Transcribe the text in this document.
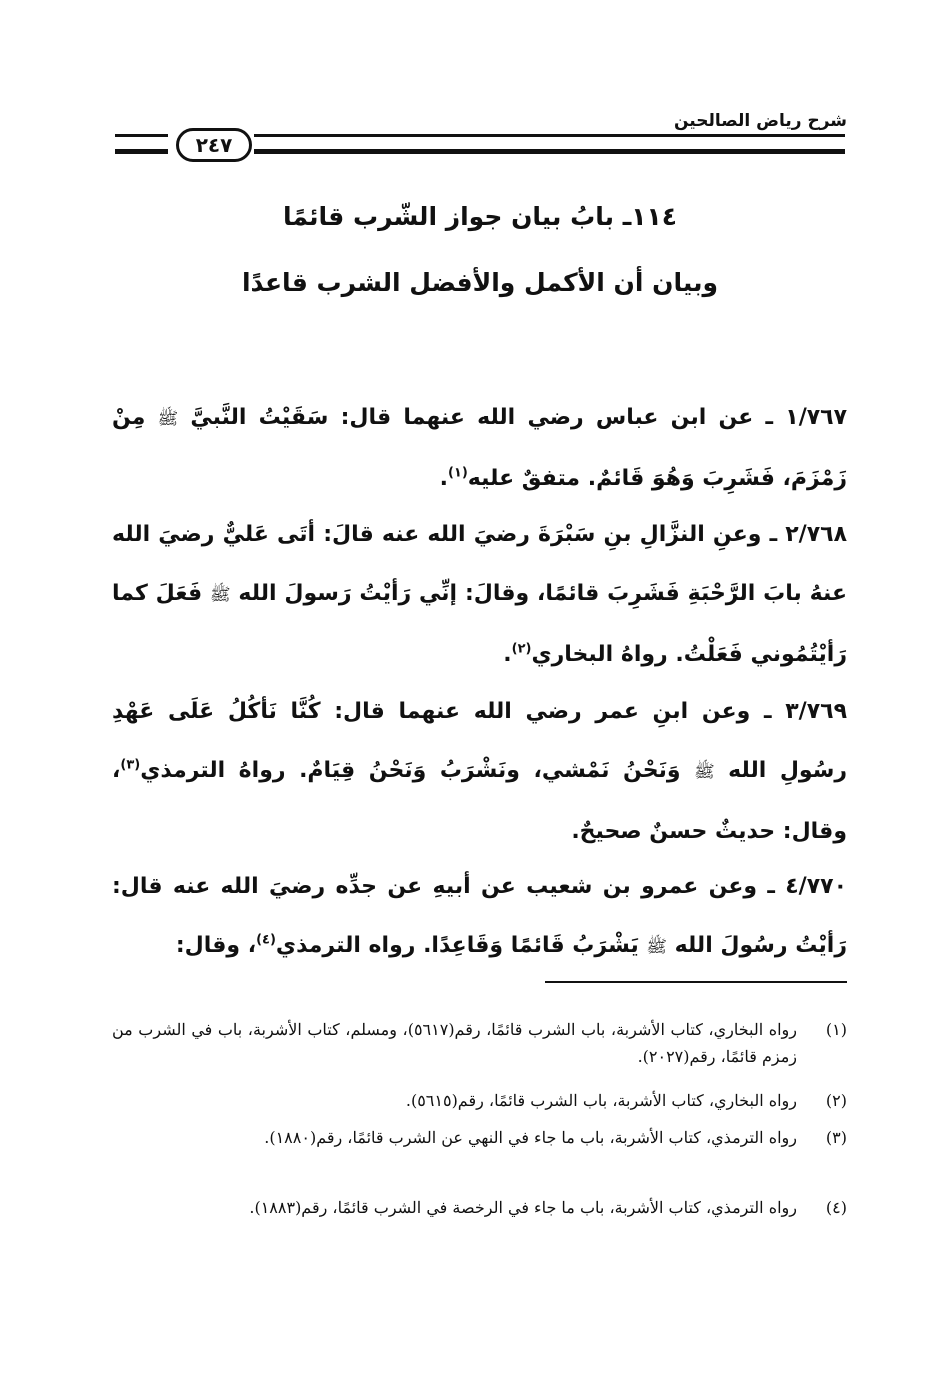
شرح رياض الصالحين
٢٤٧
١١٤ـ بابُ بيان جواز الشّرب قائمًا
وبيان أن الأكمل والأفضل الشرب قاعدًا

١/٧٦٧ ـ عن ابن عباس رضي الله عنهما قال: سَقَيْتُ النَّبيَّ ﷺ مِنْ زَمْزَمَ، فَشَرِبَ وَهُوَ قَائمٌ. متفقٌ عليه$^{(١)}$.

٢/٧٦٨ ـ وعنِ النزَّالِ بنِ سَبْرَةَ رضيَ الله عنه قالَ: أتَى عَليٌّ رضيَ الله عنهُ بابَ الرَّحْبَةِ فَشَرِبَ قائمًا، وقالَ: إنِّي رَأيْتُ رَسولَ الله ﷺ فَعَلَ كما رَأيْتُمُوني فَعَلْتُ. رواهُ البخاري$^{(٢)}$.

٣/٧٦٩ ـ وعن ابنِ عمر رضي الله عنهما قال: كُنَّا نَأكُلُ عَلَى عَهْدِ رسُولِ الله ﷺ وَنَحْنُ نَمْشي، ونَشْرَبُ وَنَحْنُ قِيَامٌ. رواهُ الترمذي$^{(٣)}$، وقال: حديثٌ حسنٌ صحيحٌ.

٤/٧٧٠ ـ وعن عمرو بن شعيب عن أبيهِ عن جدِّه رضيَ الله عنه قال: رَأيْتُ رسُولَ الله ﷺ يَشْرَبُ قَائمًا وَقَاعِدًا. رواه الترمذي$^{(٤)}$، وقال:

(١)
رواه البخاري، كتاب الأشربة، باب الشرب قائمًا، رقم(٥٦١٧)، ومسلم، كتاب الأشربة، باب في الشرب من زمزم قائمًا، رقم(٢٠٢٧).
(٢)
رواه البخاري، كتاب الأشربة، باب الشرب قائمًا، رقم(٥٦١٥).
(٣)
رواه الترمذي، كتاب الأشربة، باب ما جاء في النهي عن الشرب قائمًا، رقم(١٨٨٠).
(٤)
رواه الترمذي، كتاب الأشربة، باب ما جاء في الرخصة في الشرب قائمًا، رقم(١٨٨٣).
